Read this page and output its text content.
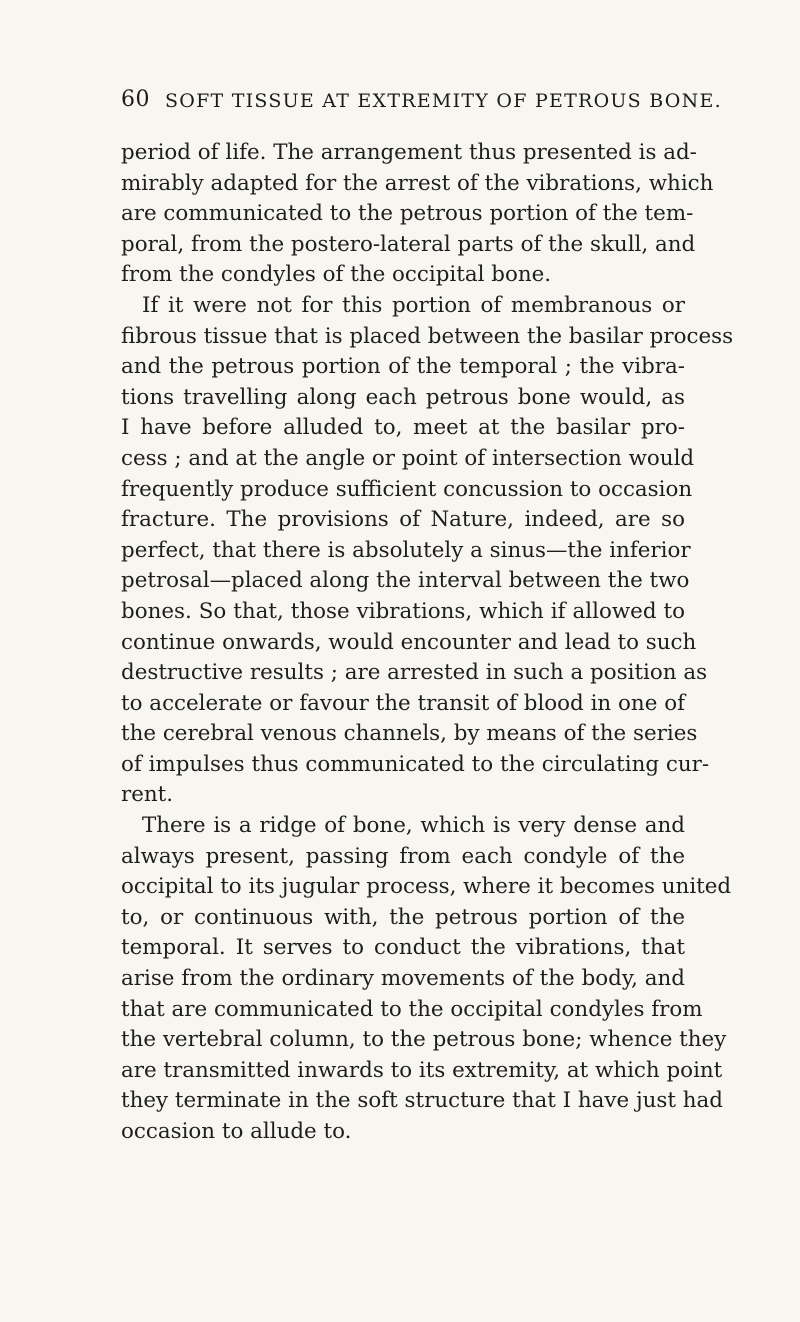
60 SOFT TISSUE AT EXTREMITY OF PETROUS BONE.
period of life. The arrangement thus presented is ad-
mirably adapted for the arrest of the vibrations, which
are communicated to the petrous portion of the tem-
poral, from the postero-lateral parts of the skull, and
from the condyles of the occipital bone.
If it were not for this portion of membranous or
fibrous tissue that is placed between the basilar process
and the petrous portion of the temporal ; the vibra-
tions travelling along each petrous bone would, as
I have before alluded to, meet at the basilar pro-
cess ; and at the angle or point of intersection would
frequently produce sufficient concussion to occasion
fracture. The provisions of Nature, indeed, are so
perfect, that there is absolutely a sinus—the inferior
petrosal—placed along the interval between the two
bones. So that, those vibrations, which if allowed to
continue onwards, would encounter and lead to such
destructive results ; are arrested in such a position as
to accelerate or favour the transit of blood in one of
the cerebral venous channels, by means of the series
of impulses thus communicated to the circulating cur-
rent.
There is a ridge of bone, which is very dense and
always present, passing from each condyle of the
occipital to its jugular process, where it becomes united
to, or continuous with, the petrous portion of the
temporal. It serves to conduct the vibrations, that
arise from the ordinary movements of the body, and
that are communicated to the occipital condyles from
the vertebral column, to the petrous bone; whence they
are transmitted inwards to its extremity, at which point
they terminate in the soft structure that I have just had
occasion to allude to.
